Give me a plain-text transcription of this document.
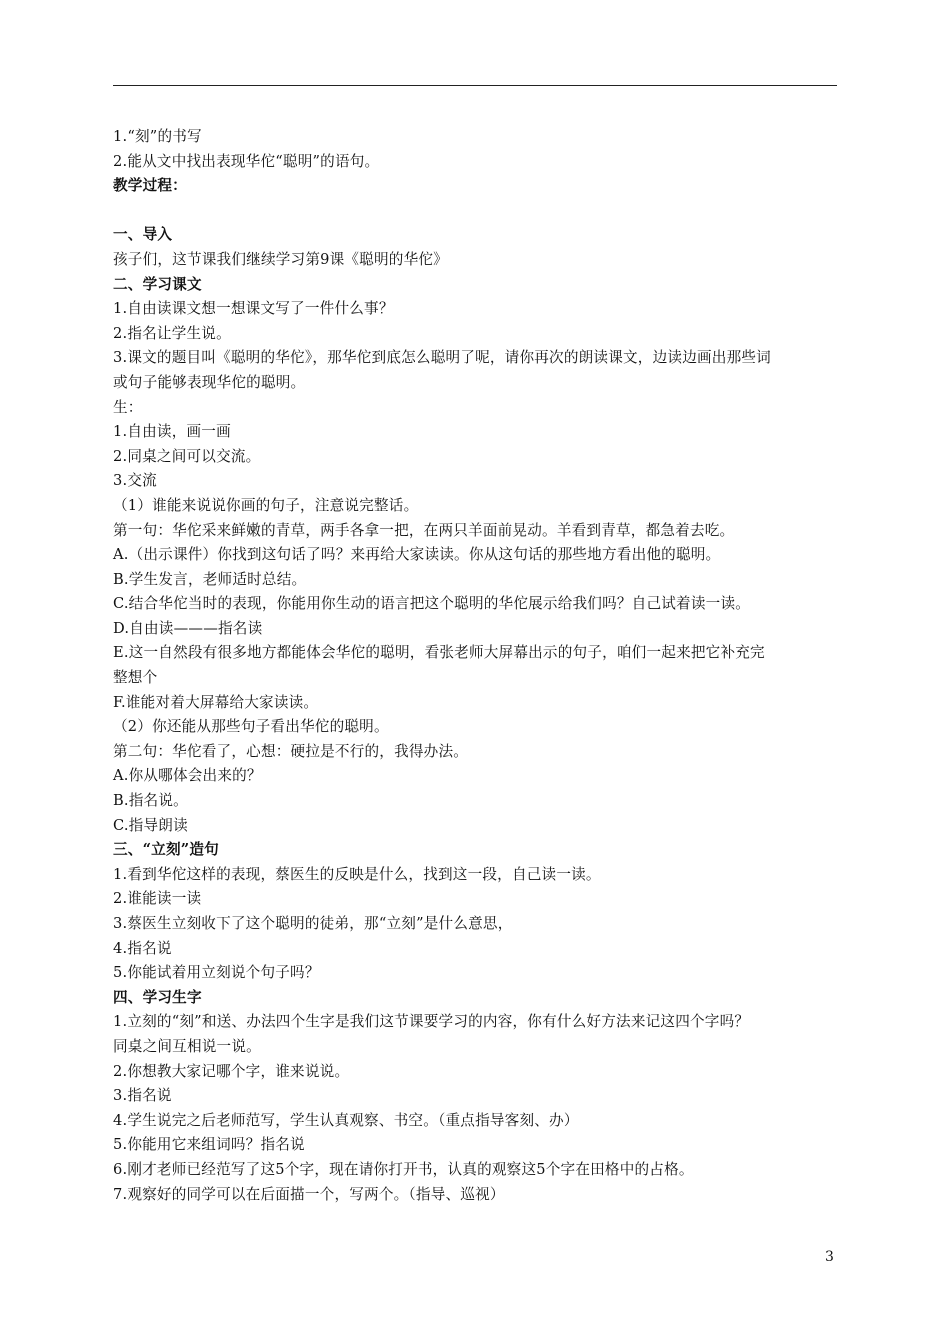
1.“刻”的书写
2.能从文中找出表现华佗“聪明”的语句。
教学过程：
一、导入
孩子们，这节课我们继续学习第9课《聪明的华佗》
二、学习课文
1.自由读课文想一想课文写了一件什么事？
2.指名让学生说。
3.课文的题目叫《聪明的华佗》，那华佗到底怎么聪明了呢，请你再次的朗读课文，边读边画出那些词
或句子能够表现华佗的聪明。
生：
1.自由读，画一画
2.同桌之间可以交流。
3.交流
（1）谁能来说说你画的句子，注意说完整话。
第一句：华佗采来鲜嫩的青草，两手各拿一把，在两只羊面前晃动。羊看到青草，都急着去吃。
A.（出示课件）你找到这句话了吗？来再给大家读读。你从这句话的那些地方看出他的聪明。
B.学生发言，老师适时总结。
C.结合华佗当时的表现，你能用你生动的语言把这个聪明的华佗展示给我们吗？自己试着读一读。
D.自由读———指名读
E.这一自然段有很多地方都能体会华佗的聪明，看张老师大屏幕出示的句子，咱们一起来把它补充完
整想个
F.谁能对着大屏幕给大家读读。
（2）你还能从那些句子看出华佗的聪明。
第二句：华佗看了，心想：硬拉是不行的，我得办法。
A.你从哪体会出来的？
B.指名说。
C.指导朗读
三、“立刻”造句
1.看到华佗这样的表现，蔡医生的反映是什么，找到这一段，自己读一读。
2.谁能读一读
3.蔡医生立刻收下了这个聪明的徒弟，那“立刻”是什么意思，
4.指名说
5.你能试着用立刻说个句子吗？
四、学习生字
1.立刻的“刻”和送、办法四个生字是我们这节课要学习的内容，你有什么好方法来记这四个字吗？
同桌之间互相说一说。
2.你想教大家记哪个字，谁来说说。
3.指名说
4.学生说完之后老师范写，学生认真观察、书空。（重点指导客刻、办）
5.你能用它来组词吗？指名说
6.刚才老师已经范写了这5个字，现在请你打开书，认真的观察这5个字在田格中的占格。
7.观察好的同学可以在后面描一个，写两个。（指导、巡视）
3
